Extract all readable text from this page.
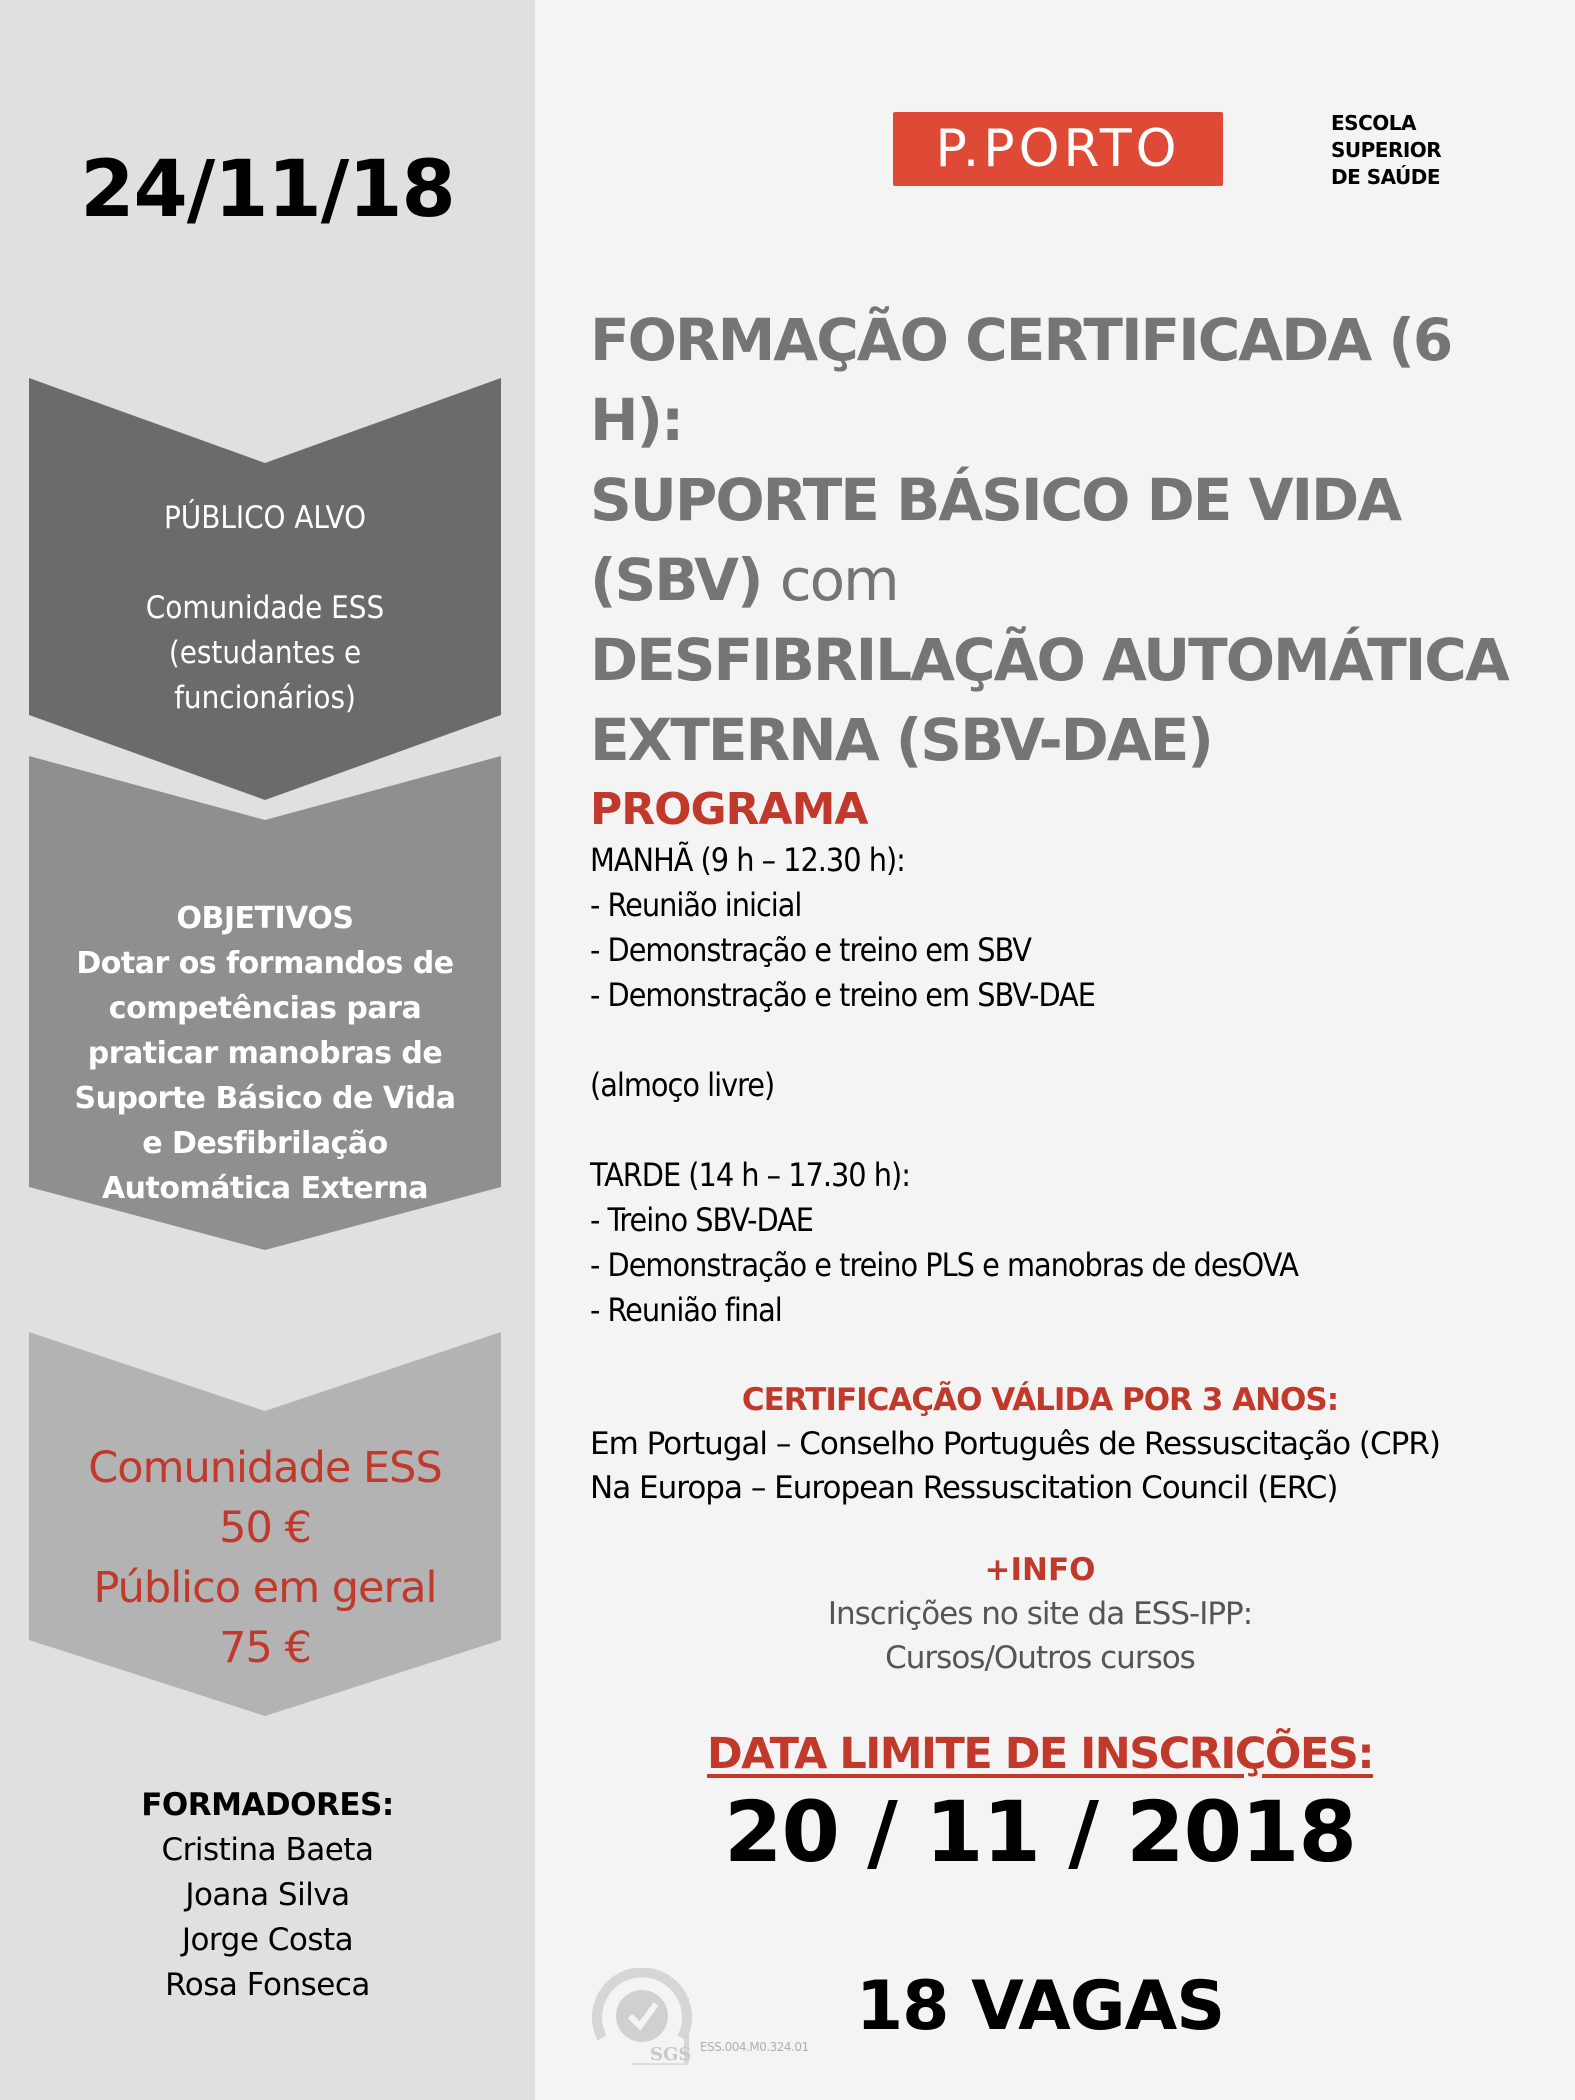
24/11/18
PÚBLICO ALVO
Comunidade ESS
(estudantes e
funcionários)
OBJETIVOS
Dotar os formandos de
competências para
praticar manobras de
Suporte Básico de Vida
e Desfibrilação
Automática Externa
Comunidade ESS
50 €
Público em geral
75 €
FORMADORES:
Cristina Baeta
Joana Silva
Jorge Costa
Rosa Fonseca
P.PORTO	ESCOLA
SUPERIOR
DE SAÚDE
FORMAÇÃO CERTIFICADA (6 H):
SUPORTE BÁSICO DE VIDA
(SBV) com
DESFIBRILAÇÃO AUTOMÁTICA
EXTERNA (SBV-DAE)
PROGRAMA
MANHÃ (9 h – 12.30 h):
- Reunião inicial
- Demonstração e treino em SBV
- Demonstração e treino em SBV-DAE
(almoço livre)
TARDE (14 h – 17.30 h):
- Treino SBV-DAE
- Demonstração e treino PLS e manobras de desOVA
- Reunião final
CERTIFICAÇÃO VÁLIDA POR 3 ANOS:
Em Portugal – Conselho Português de Ressuscitação (CPR)
Na Europa – European Ressuscitation Council (ERC)
+INFO
Inscrições no site da ESS-IPP:
Cursos/Outros cursos
DATA LIMITE DE INSCRIÇÕES:
20 / 11 / 2018
SGS ESS.004.M0.324.01
18 VAGAS
